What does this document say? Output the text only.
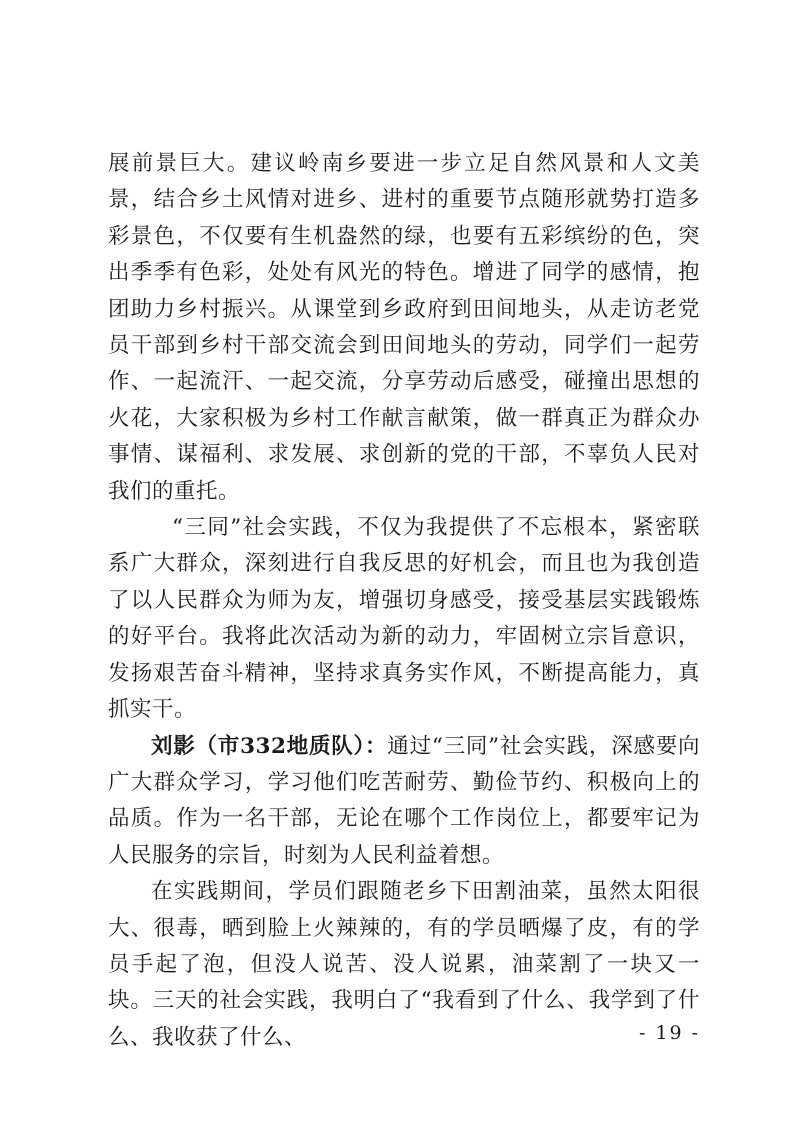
展前景巨大。建议岭南乡要进一步立足自然风景和人文美景，结合乡土风情对进乡、进村的重要节点随形就势打造多彩景色，不仅要有生机盎然的绿，也要有五彩缤纷的色，突出季季有色彩，处处有风光的特色。增进了同学的感情，抱团助力乡村振兴。从课堂到乡政府到田间地头，从走访老党员干部到乡村干部交流会到田间地头的劳动，同学们一起劳作、一起流汗、一起交流，分享劳动后感受，碰撞出思想的火花，大家积极为乡村工作献言献策，做一群真正为群众办事情、谋福利、求发展、求创新的党的干部，不辜负人民对我们的重托。

“三同”社会实践，不仅为我提供了不忘根本，紧密联系广大群众，深刻进行自我反思的好机会，而且也为我创造了以人民群众为师为友，增强切身感受，接受基层实践锻炼的好平台。我将此次活动为新的动力，牢固树立宗旨意识，发扬艰苦奋斗精神，坚持求真务实作风，不断提高能力，真抓实干。

刘影（市332地质队）：通过“三同”社会实践，深感要向广大群众学习，学习他们吃苦耐劳、勤俭节约、积极向上的品质。作为一名干部，无论在哪个工作岗位上，都要牢记为人民服务的宗旨，时刻为人民利益着想。

在实践期间，学员们跟随老乡下田割油菜，虽然太阳很大、很毒，晒到脸上火辣辣的，有的学员晒爆了皮，有的学员手起了泡，但没人说苦、没人说累，油菜割了一块又一块。三天的社会实践，我明白了“我看到了什么、我学到了什么、我收获了什么、	- 19 -
